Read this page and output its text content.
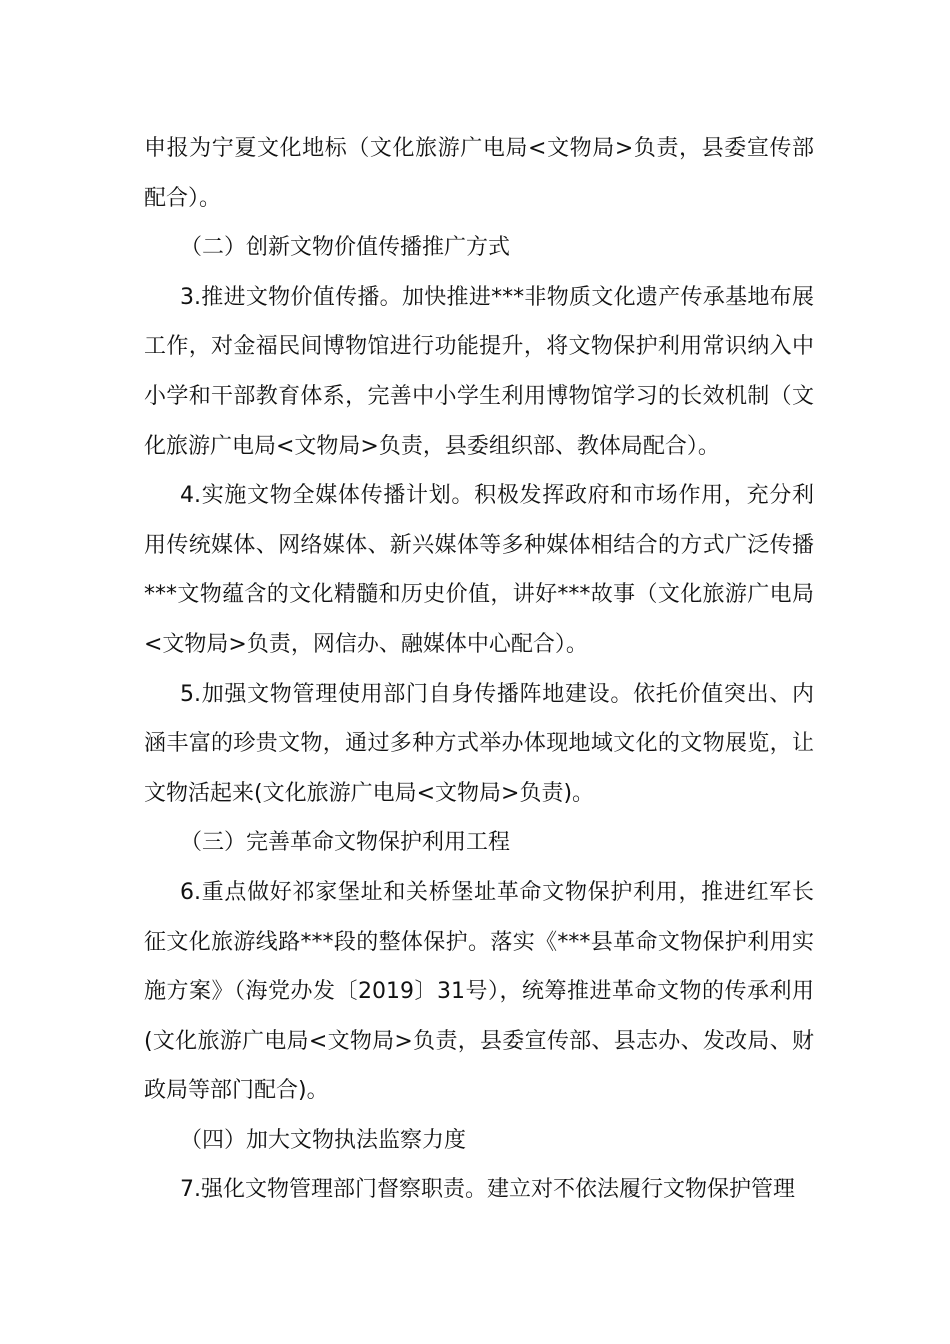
申报为宁夏文化地标（文化旅游广电局<文物局>负责，县委宣传部配合）。

（二）创新文物价值传播推广方式

3.推进文物价值传播。加快推进***非物质文化遗产传承基地布展工作，对金福民间博物馆进行功能提升，将文物保护利用常识纳入中小学和干部教育体系，完善中小学生利用博物馆学习的长效机制（文化旅游广电局<文物局>负责，县委组织部、教体局配合）。

4.实施文物全媒体传播计划。积极发挥政府和市场作用，充分利用传统媒体、网络媒体、新兴媒体等多种媒体相结合的方式广泛传播***文物蕴含的文化精髓和历史价值，讲好***故事（文化旅游广电局<文物局>负责，网信办、融媒体中心配合）。

5.加强文物管理使用部门自身传播阵地建设。依托价值突出、内涵丰富的珍贵文物，通过多种方式举办体现地域文化的文物展览，让文物活起来(文化旅游广电局<文物局>负责)。

（三）完善革命文物保护利用工程

6.重点做好祁家堡址和关桥堡址革命文物保护利用，推进红军长征文化旅游线路***段的整体保护。落实《***县革命文物保护利用实施方案》（海党办发〔2019〕31号），统筹推进革命文物的传承利用(文化旅游广电局<文物局>负责，县委宣传部、县志办、发改局、财政局等部门配合)。

（四）加大文物执法监察力度

7.强化文物管理部门督察职责。建立对不依法履行文物保护管理
